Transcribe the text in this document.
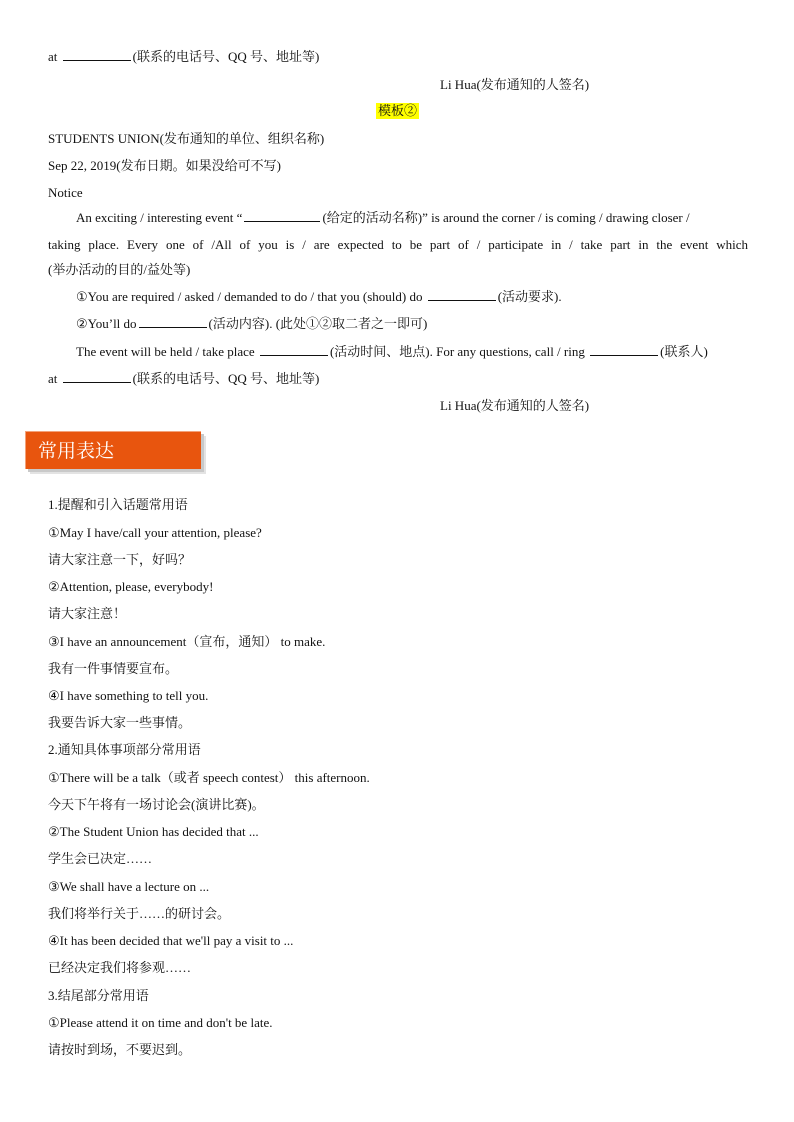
at	(联系的电话号、QQ 号、地址等)
Li Hua(发布通知的人签名)
模板②
STUDENTS UNION(发布通知的单位、组织名称)
Sep 22, 2019(发布日期。如果没给可不写)
Notice
An exciting / interesting event “	(给定的活动名称)” is around the corner / is coming / drawing closer /
taking place. Every one of /All of you is / are expected to be part of / participate in / take part in the event which
(举办活动的目的/益处等)
①You are required / asked / demanded to do / that you (should) do	(活动要求).
②You’ll do	(活动内容). (此处①②取二者之一即可)
The event will be held / take place	(活动时间、地点). For any questions, call / ring	(联系人)
at	(联系的电话号、QQ 号、地址等)
Li Hua(发布通知的人签名)
常用表达
1.提醒和引入话题常用语
①May I have/call your attention, please?
请大家注意一下，好吗？
②Attention, please, everybody!
请大家注意！
③I have an announcement（宣布，通知） to make.
我有一件事情要宣布。
④I have something to tell you.
我要告诉大家一些事情。
2.通知具体事项部分常用语
①There will be a talk（或者 speech contest） this afternoon.
今天下午将有一场讨论会(演讲比赛)。
②The Student Union has decided that ...
学生会已决定……
③We shall have a lecture on ...
我们将举行关于……的研讨会。
④It has been decided that we'll pay a visit to ...
已经决定我们将参观……
3.结尾部分常用语
①Please attend it on time and don't be late.
请按时到场，不要迟到。
